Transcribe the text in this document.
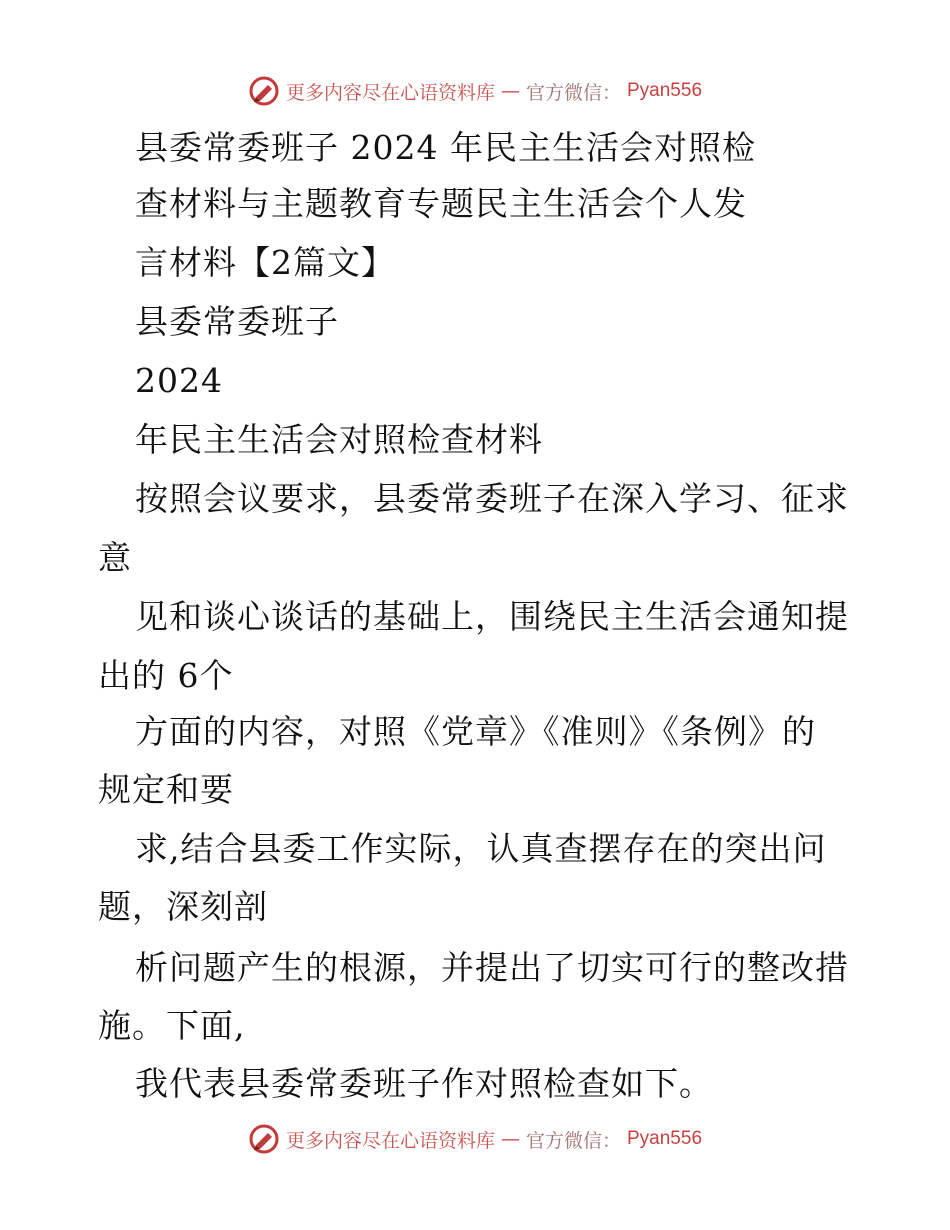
更多内容尽在心语资料库 — 官方微信： Pyan556
县委常委班子 2024 年民主生活会对照检
查材料与主题教育专题民主生活会个人发
言材料【2篇文】
县委常委班子
2024
年民主生活会对照检查材料
按照会议要求，县委常委班子在深入学习、征求
意
见和谈心谈话的基础上，围绕民主生活会通知提
出的 6个
方面的内容，对照《党章》《准则》《条例》的
规定和要
求,结合县委工作实际，认真查摆存在的突出问
题，深刻剖
析问题产生的根源，并提出了切实可行的整改措
施。下面,
我代表县委常委班子作对照检查如下。
更多内容尽在心语资料库 — 官方微信： Pyan556
